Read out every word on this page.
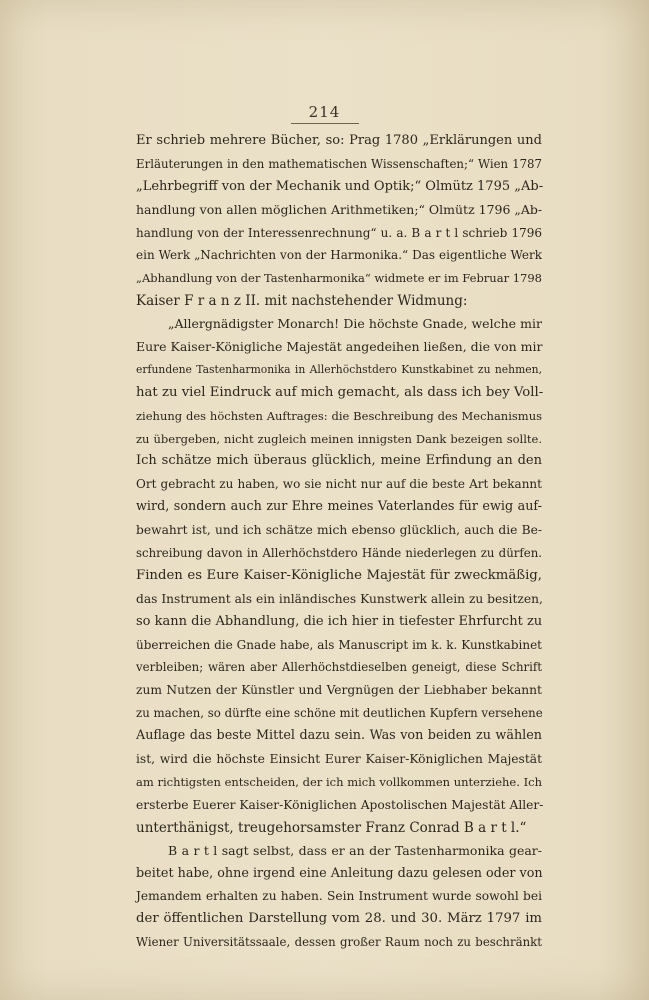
214
Er schrieb mehrere Bücher, so: Prag 1780 „Erklärungen und
Erläuterungen in den mathematischen Wissenschaften;“ Wien 1787
„Lehrbegriff von der Mechanik und Optik;“ Olmütz 1795 „Ab-
handlung von allen möglichen Arithmetiken;“ Olmütz 1796 „Ab-
handlung von der Interessenrechnung“ u. a. B a r t l schrieb 1796
ein Werk „Nachrichten von der Harmonika.“ Das eigentliche Werk
„Abhandlung von der Tastenharmonika“ widmete er im Februar 1798
Kaiser F r a n z II. mit nachstehender Widmung:
„Allergnädigster Monarch! Die höchste Gnade, welche mir
Eure Kaiser-Königliche Majestät angedeihen ließen, die von mir
erfundene Tastenharmonika in Allerhöchstdero Kunstkabinet zu nehmen,
hat zu viel Eindruck auf mich gemacht, als dass ich bey Voll-
ziehung des höchsten Auftrages: die Beschreibung des Mechanismus
zu übergeben, nicht zugleich meinen innigsten Dank bezeigen sollte.
Ich schätze mich überaus glücklich, meine Erfindung an den
Ort gebracht zu haben, wo sie nicht nur auf die beste Art bekannt
wird, sondern auch zur Ehre meines Vaterlandes für ewig auf-
bewahrt ist, und ich schätze mich ebenso glücklich, auch die Be-
schreibung davon in Allerhöchstdero Hände niederlegen zu dürfen.
Finden es Eure Kaiser-Königliche Majestät für zweckmäßig,
das Instrument als ein inländisches Kunstwerk allein zu besitzen,
so kann die Abhandlung, die ich hier in tiefester Ehrfurcht zu
überreichen die Gnade habe, als Manuscript im k. k. Kunstkabinet
verbleiben; wären aber Allerhöchstdieselben geneigt, diese Schrift
zum Nutzen der Künstler und Vergnügen der Liebhaber bekannt
zu machen, so dürfte eine schöne mit deutlichen Kupfern versehene
Auflage das beste Mittel dazu sein. Was von beiden zu wählen
ist, wird die höchste Einsicht Eurer Kaiser-Königlichen Majestät
am richtigsten entscheiden, der ich mich vollkommen unterziehe. Ich
ersterbe Euerer Kaiser-Königlichen Apostolischen Majestät Aller-
unterthänigst, treugehorsamster Franz Conrad B a r t l.“
B a r t l sagt selbst, dass er an der Tastenharmonika gear-
beitet habe, ohne irgend eine Anleitung dazu gelesen oder von
Jemandem erhalten zu haben. Sein Instrument wurde sowohl bei
der öffentlichen Darstellung vom 28. und 30. März 1797 im
Wiener Universitätssaale, dessen großer Raum noch zu beschränkt
